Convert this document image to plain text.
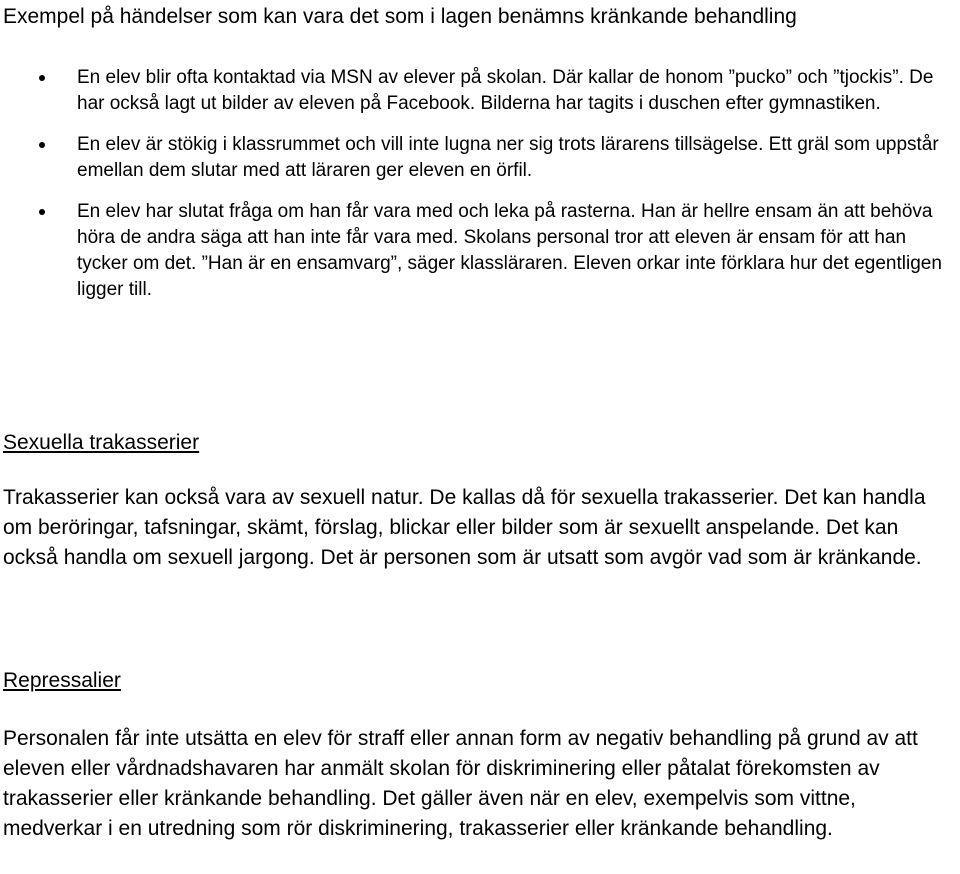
Exempel på händelser som kan vara det som i lagen benämns kränkande behandling

En elev blir ofta kontaktad via MSN av elever på skolan. Där kallar de honom ”pucko” och ”tjockis”. De har också lagt ut bilder av eleven på Facebook. Bilderna har tagits i duschen efter gymnastiken.
En elev är stökig i klassrummet och vill inte lugna ner sig trots lärarens tillsägelse. Ett gräl som uppstår emellan dem slutar med att läraren ger eleven en örfil.
En elev har slutat fråga om han får vara med och leka på rasterna. Han är hellre ensam än att behöva höra de andra säga att han inte får vara med. Skolans personal tror att eleven är ensam för att han tycker om det. ”Han är en ensamvarg”, säger klassläraren. Eleven orkar inte förklara hur det egentligen ligger till.
Sexuella trakasserier

Trakasserier kan också vara av sexuell natur. De kallas då för sexuella trakasserier. Det kan handla om beröringar, tafsningar, skämt, förslag, blickar eller bilder som är sexuellt anspelande. Det kan också handla om sexuell jargong. Det är personen som är utsatt som avgör vad som är kränkande.

Repressalier

Personalen får inte utsätta en elev för straff eller annan form av negativ behandling på grund av att eleven eller vårdnadshavaren har anmält skolan för diskriminering eller påtalat förekomsten av trakasserier eller kränkande behandling. Det gäller även när en elev, exempelvis som vittne, medverkar i en utredning som rör diskriminering, trakasserier eller kränkande behandling.
